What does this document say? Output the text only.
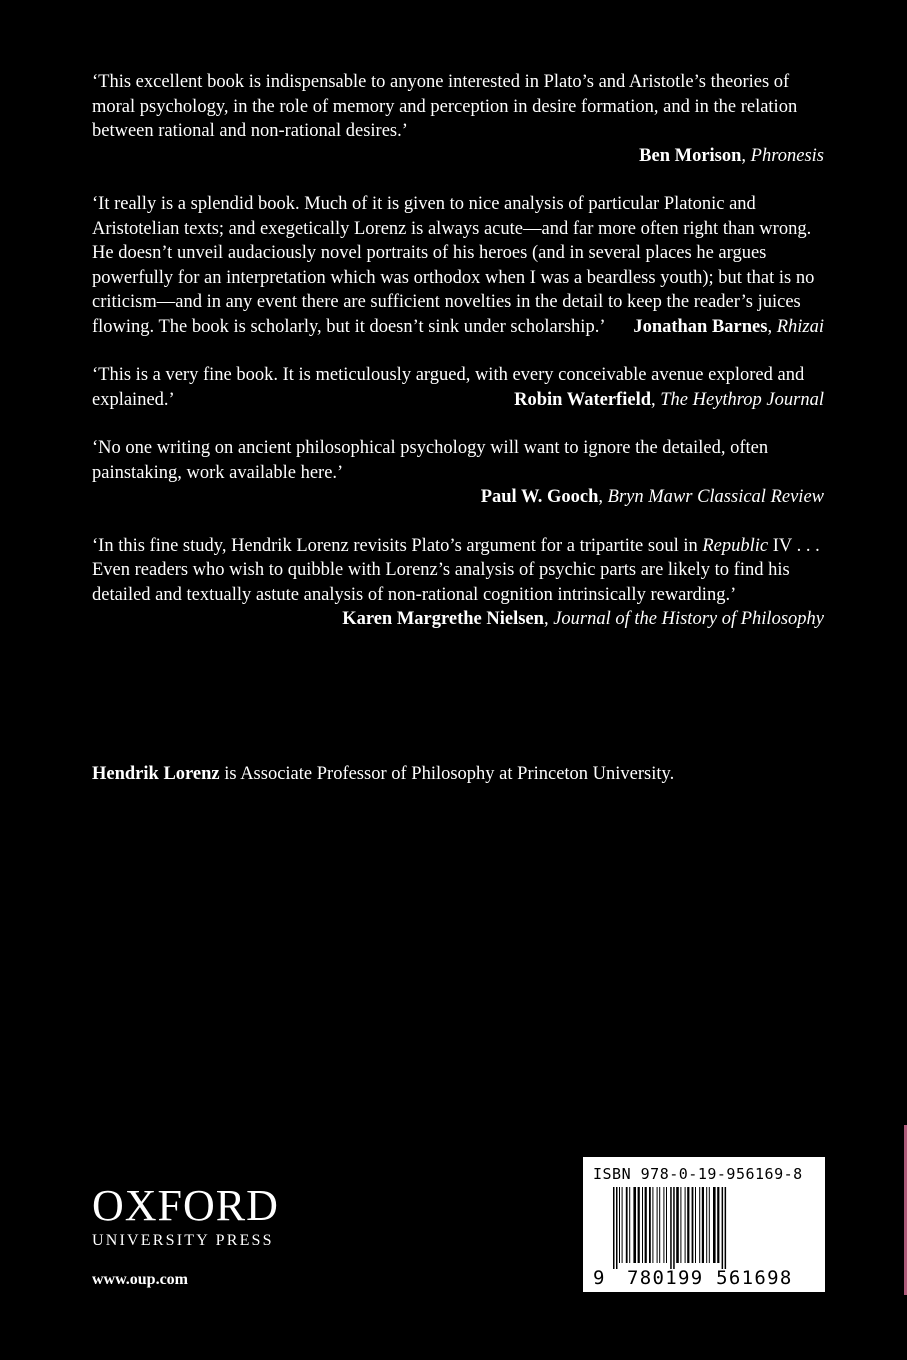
‘This excellent book is indispensable to anyone interested in Plato’s and Aristotle’s theories of moral psychology, in the role of memory and perception in desire formation, and in the relation between rational and non-rational desires.’

Ben Morison, Phronesis

‘It really is a splendid book. Much of it is given to nice analysis of particular Platonic and Aristotelian texts; and exegetically Lorenz is always acute—and far more often right than wrong. He doesn’t unveil audaciously novel portraits of his heroes (and in several places he argues powerfully for an interpretation which was orthodox when I was a beardless youth); but that is no criticism—and in any event there are sufficient novelties in the detail to keep the reader’s juices flowing. The book is scholarly, but it doesn’t sink under scholarship.’ Jonathan Barnes, Rhizai

‘This is a very fine book. It is meticulously argued, with every conceivable avenue explored and explained.’	Robin Waterfield, The Heythrop Journal

‘No one writing on ancient philosophical psychology will want to ignore the detailed, often painstaking, work available here.’

Paul W. Gooch, Bryn Mawr Classical Review

‘In this fine study, Hendrik Lorenz revisits Plato’s argument for a tripartite soul in Republic IV . . . Even readers who wish to quibble with Lorenz’s analysis of psychic parts are likely to find his detailed and textually astute analysis of non-rational cognition intrinsically rewarding.’

Karen Margrethe Nielsen, Journal of the History of Philosophy
Hendrik Lorenz is Associate Professor of Philosophy at Princeton University.
OXFORD
UNIVERSITY PRESS
www.oup.com
ISBN 978-0-19-956169-8
9 780199 561698
